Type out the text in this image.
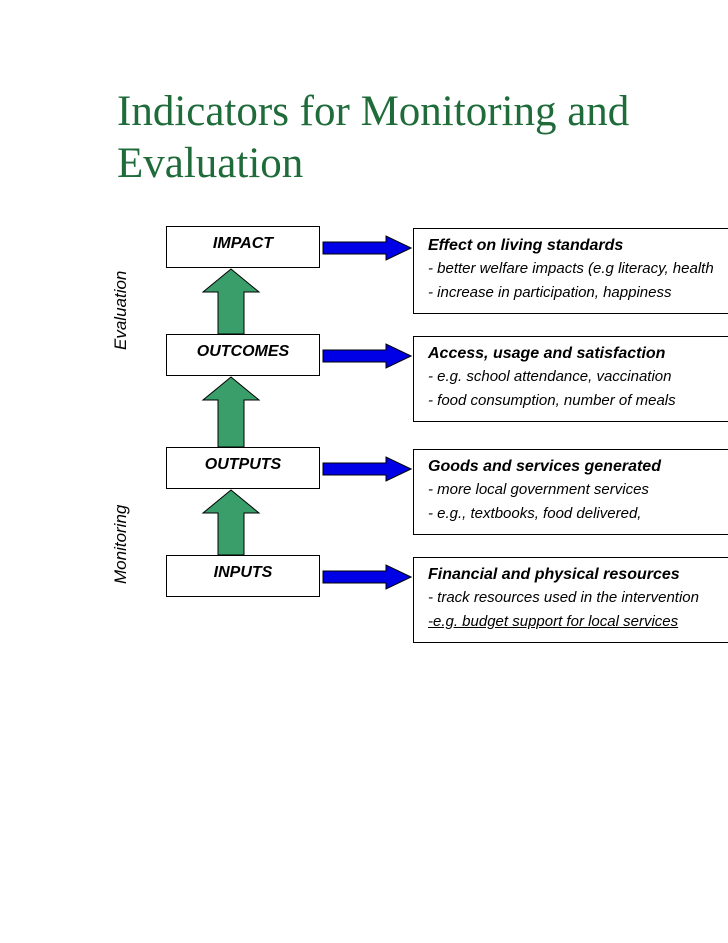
Indicators for Monitoring and
Evaluation
Evaluation
Monitoring
IMPACT
OUTCOMES
OUTPUTS
INPUTS
Effect on living standards
- better welfare impacts (e.g literacy, health
- increase in participation, happiness
Access, usage and satisfaction
- e.g. school attendance, vaccination
- food consumption, number of meals
Goods and services generated
- more local government services
- e.g., textbooks, food delivered,
Financial and physical resources
- track resources used in the intervention
-e.g. budget support for local services
